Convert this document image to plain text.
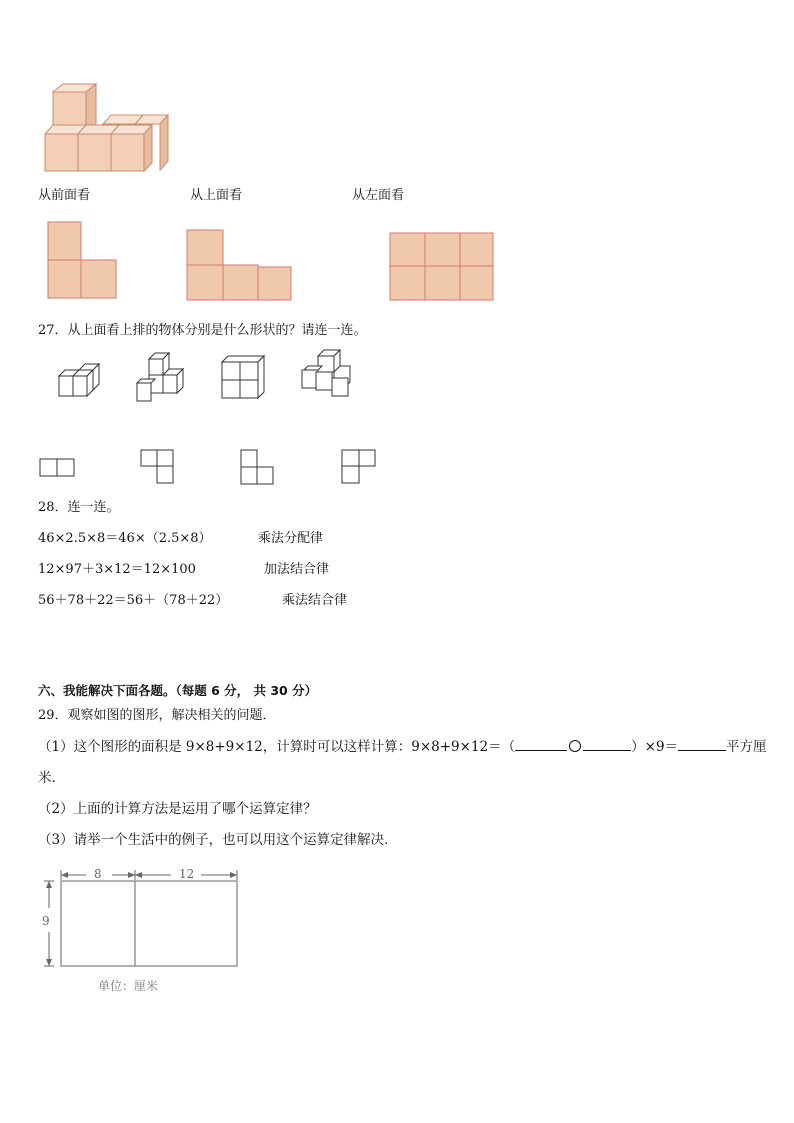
从前面看	从上面看	从左面看
27．从上面看上排的物体分别是什么形状的？请连一连。
28．连一连。
46×2.5×8＝46×（2.5×8）
12×97＋3×12＝12×100
56＋78＋22＝56＋（78＋22）
乘法分配律
加法结合律
乘法结合律
六、我能解决下面各题。（每题 6 分， 共 30 分）
29．观察如图的图形，解决相关的问题．
（1）这个图形的面积是 9×8+9×12，计算时可以这样计算：9×8+9×12＝（	）×9＝	平方厘
米．
（2）上面的计算方法是运用了哪个运算定律？
（3）请举一个生活中的例子，也可以用这个运算定律解决．
8	12
9
单位：厘米
